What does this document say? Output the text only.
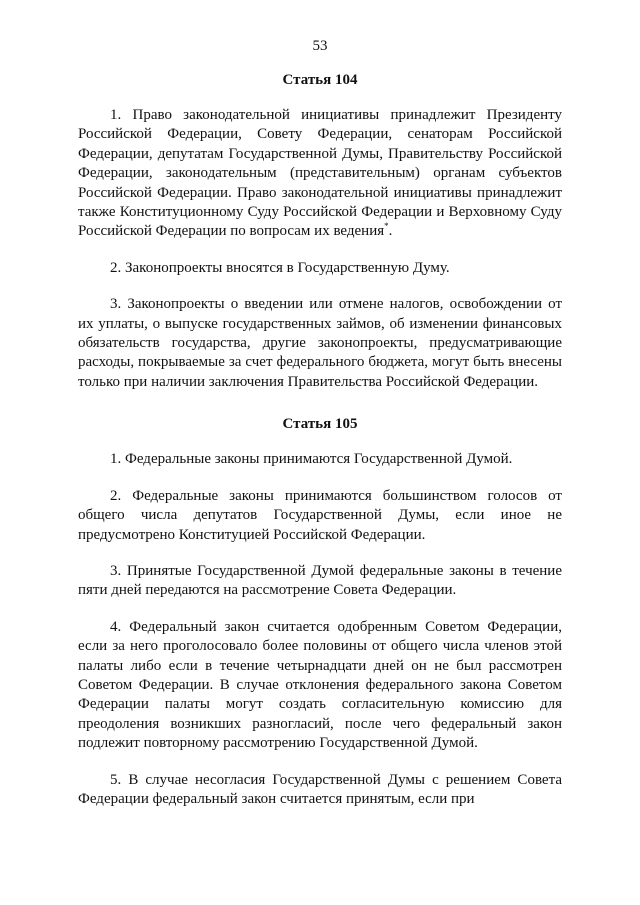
53
Статья 104

1. Право законодательной инициативы принадлежит Президенту Российской Федерации, Совету Федерации, сенаторам Российской Федерации, депутатам Государственной Думы, Правительству Российской Федерации, законодательным (представительным) органам субъектов Российской Федерации. Право законодательной инициативы принадлежит также Конституционному Суду Российской Федерации и Верховному Суду Российской Федерации по вопросам их ведения*.

2. Законопроекты вносятся в Государственную Думу.

3. Законопроекты о введении или отмене налогов, освобождении от их уплаты, о выпуске государственных займов, об изменении финансовых обязательств государства, другие законопроекты, предусматривающие расходы, покрываемые за счет федерального бюджета, могут быть внесены только при наличии заключения Правительства Российской Федерации.

Статья 105

1. Федеральные законы принимаются Государственной Думой.

2. Федеральные законы принимаются большинством голосов от общего числа депутатов Государственной Думы, если иное не предусмотрено Конституцией Российской Федерации.

3. Принятые Государственной Думой федеральные законы в течение пяти дней передаются на рассмотрение Совета Федерации.

4. Федеральный закон считается одобренным Советом Федерации, если за него проголосовало более половины от общего числа членов этой палаты либо если в течение четырнадцати дней он не был рассмотрен Советом Федерации. В случае отклонения федерального закона Советом Федерации палаты могут создать согласительную комиссию для преодоления возникших разногласий, после чего федеральный закон подлежит повторному рассмотрению Государственной Думой.

5. В случае несогласия Государственной Думы с решением Совета Федерации федеральный закон считается принятым, если при
